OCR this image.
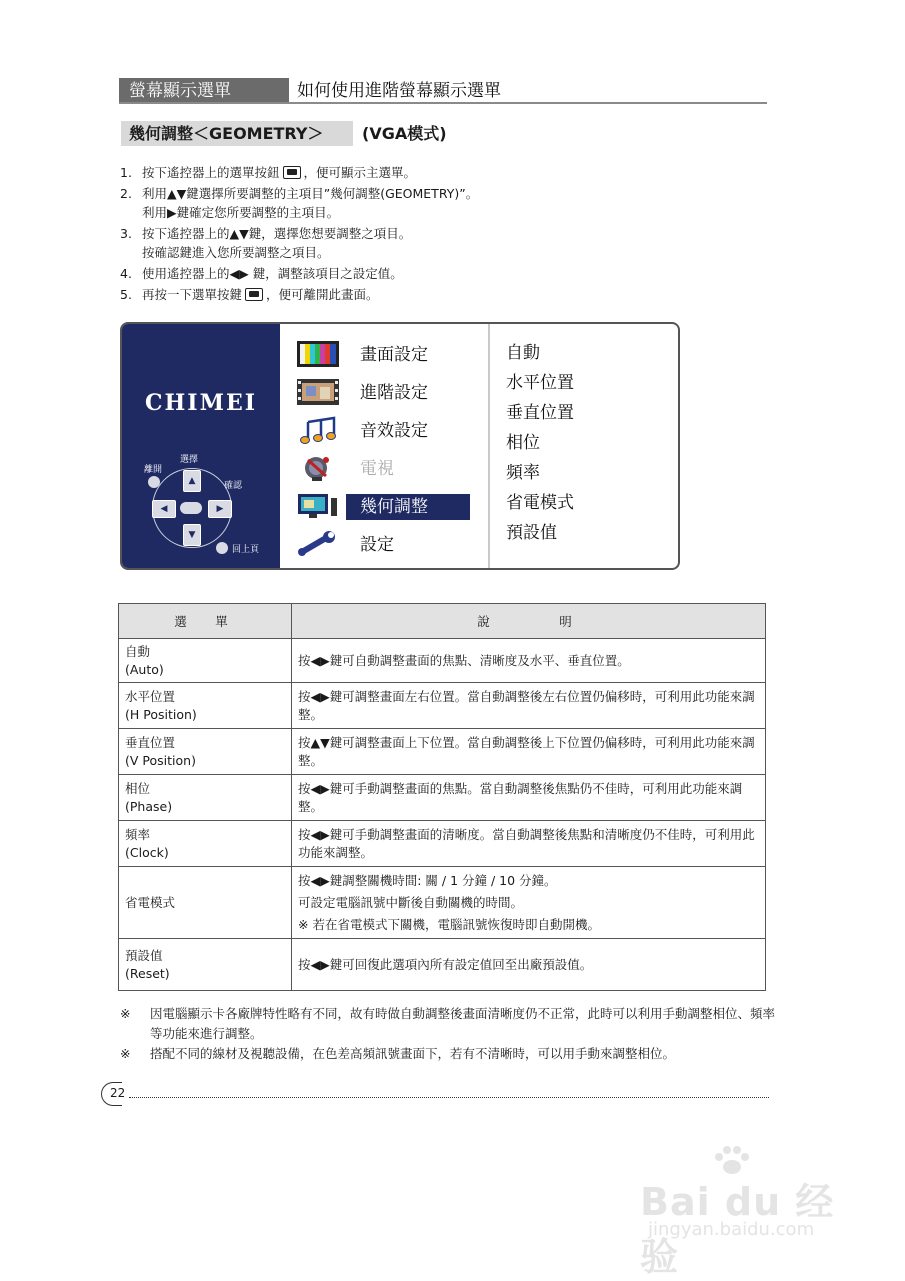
螢幕顯示選單	如何使用進階螢幕顯示選單
幾何調整＜GEOMETRY＞	(VGA模式)
1. 按下遙控器上的選單按鈕 ，便可顯示主選單。
2. 利用▲▼鍵選擇所要調整的主項目”幾何調整(GEOMETRY)”。
利用▶鍵確定您所要調整的主項目。
3. 按下遙控器上的▲▼鍵，選擇您想要調整之項目。
按確認鍵進入您所要調整之項目。
4. 使用遙控器上的◀▶ 鍵，調整該項目之設定值。
5. 再按一下選單按鍵 ，便可離開此畫面。
CHIMEI
離開
選擇
確認
▲
▼
◀	▶
回上頁
畫面設定
進階設定
音效設定
電視
幾何調整
設定
自動
水平位置
垂直位置
相位
頻率
省電模式
預設值
選　單	說　　　明

自動
(Auto)	按◀▶鍵可自動調整畫面的焦點、清晰度及水平、垂直位置。

水平位置
(H Position)	按◀▶鍵可調整畫面左右位置。當自動調整後左右位置仍偏移時，可利用此功能來調整。

垂直位置
(V Position)	按▲▼鍵可調整畫面上下位置。當自動調整後上下位置仍偏移時，可利用此功能來調整。

相位
(Phase)	按◀▶鍵可手動調整畫面的焦點。當自動調整後焦點仍不佳時，可利用此功能來調整。

頻率
(Clock)	按◀▶鍵可手動調整畫面的清晰度。當自動調整後焦點和清晰度仍不佳時，可利用此功能來調整。
省電模式	按◀▶鍵調整關機時間: 關 / 1 分鐘 / 10 分鐘。
可設定電腦訊號中斷後自動關機的時間。
※ 若在省電模式下關機，電腦訊號恢復時即自動開機。

預設值
(Reset)	按◀▶鍵可回復此選項內所有設定值回至出廠預設值。
※ 因電腦顯示卡各廠牌特性略有不同，故有時做自動調整後畫面清晰度仍不正常，此時可以利用手動調整相位、頻率等功能來進行調整。
※ 搭配不同的線材及視聽設備，在色差高頻訊號畫面下，若有不清晰時，可以用手動來調整相位。
22
Bai du 经验
jingyan.baidu.com
